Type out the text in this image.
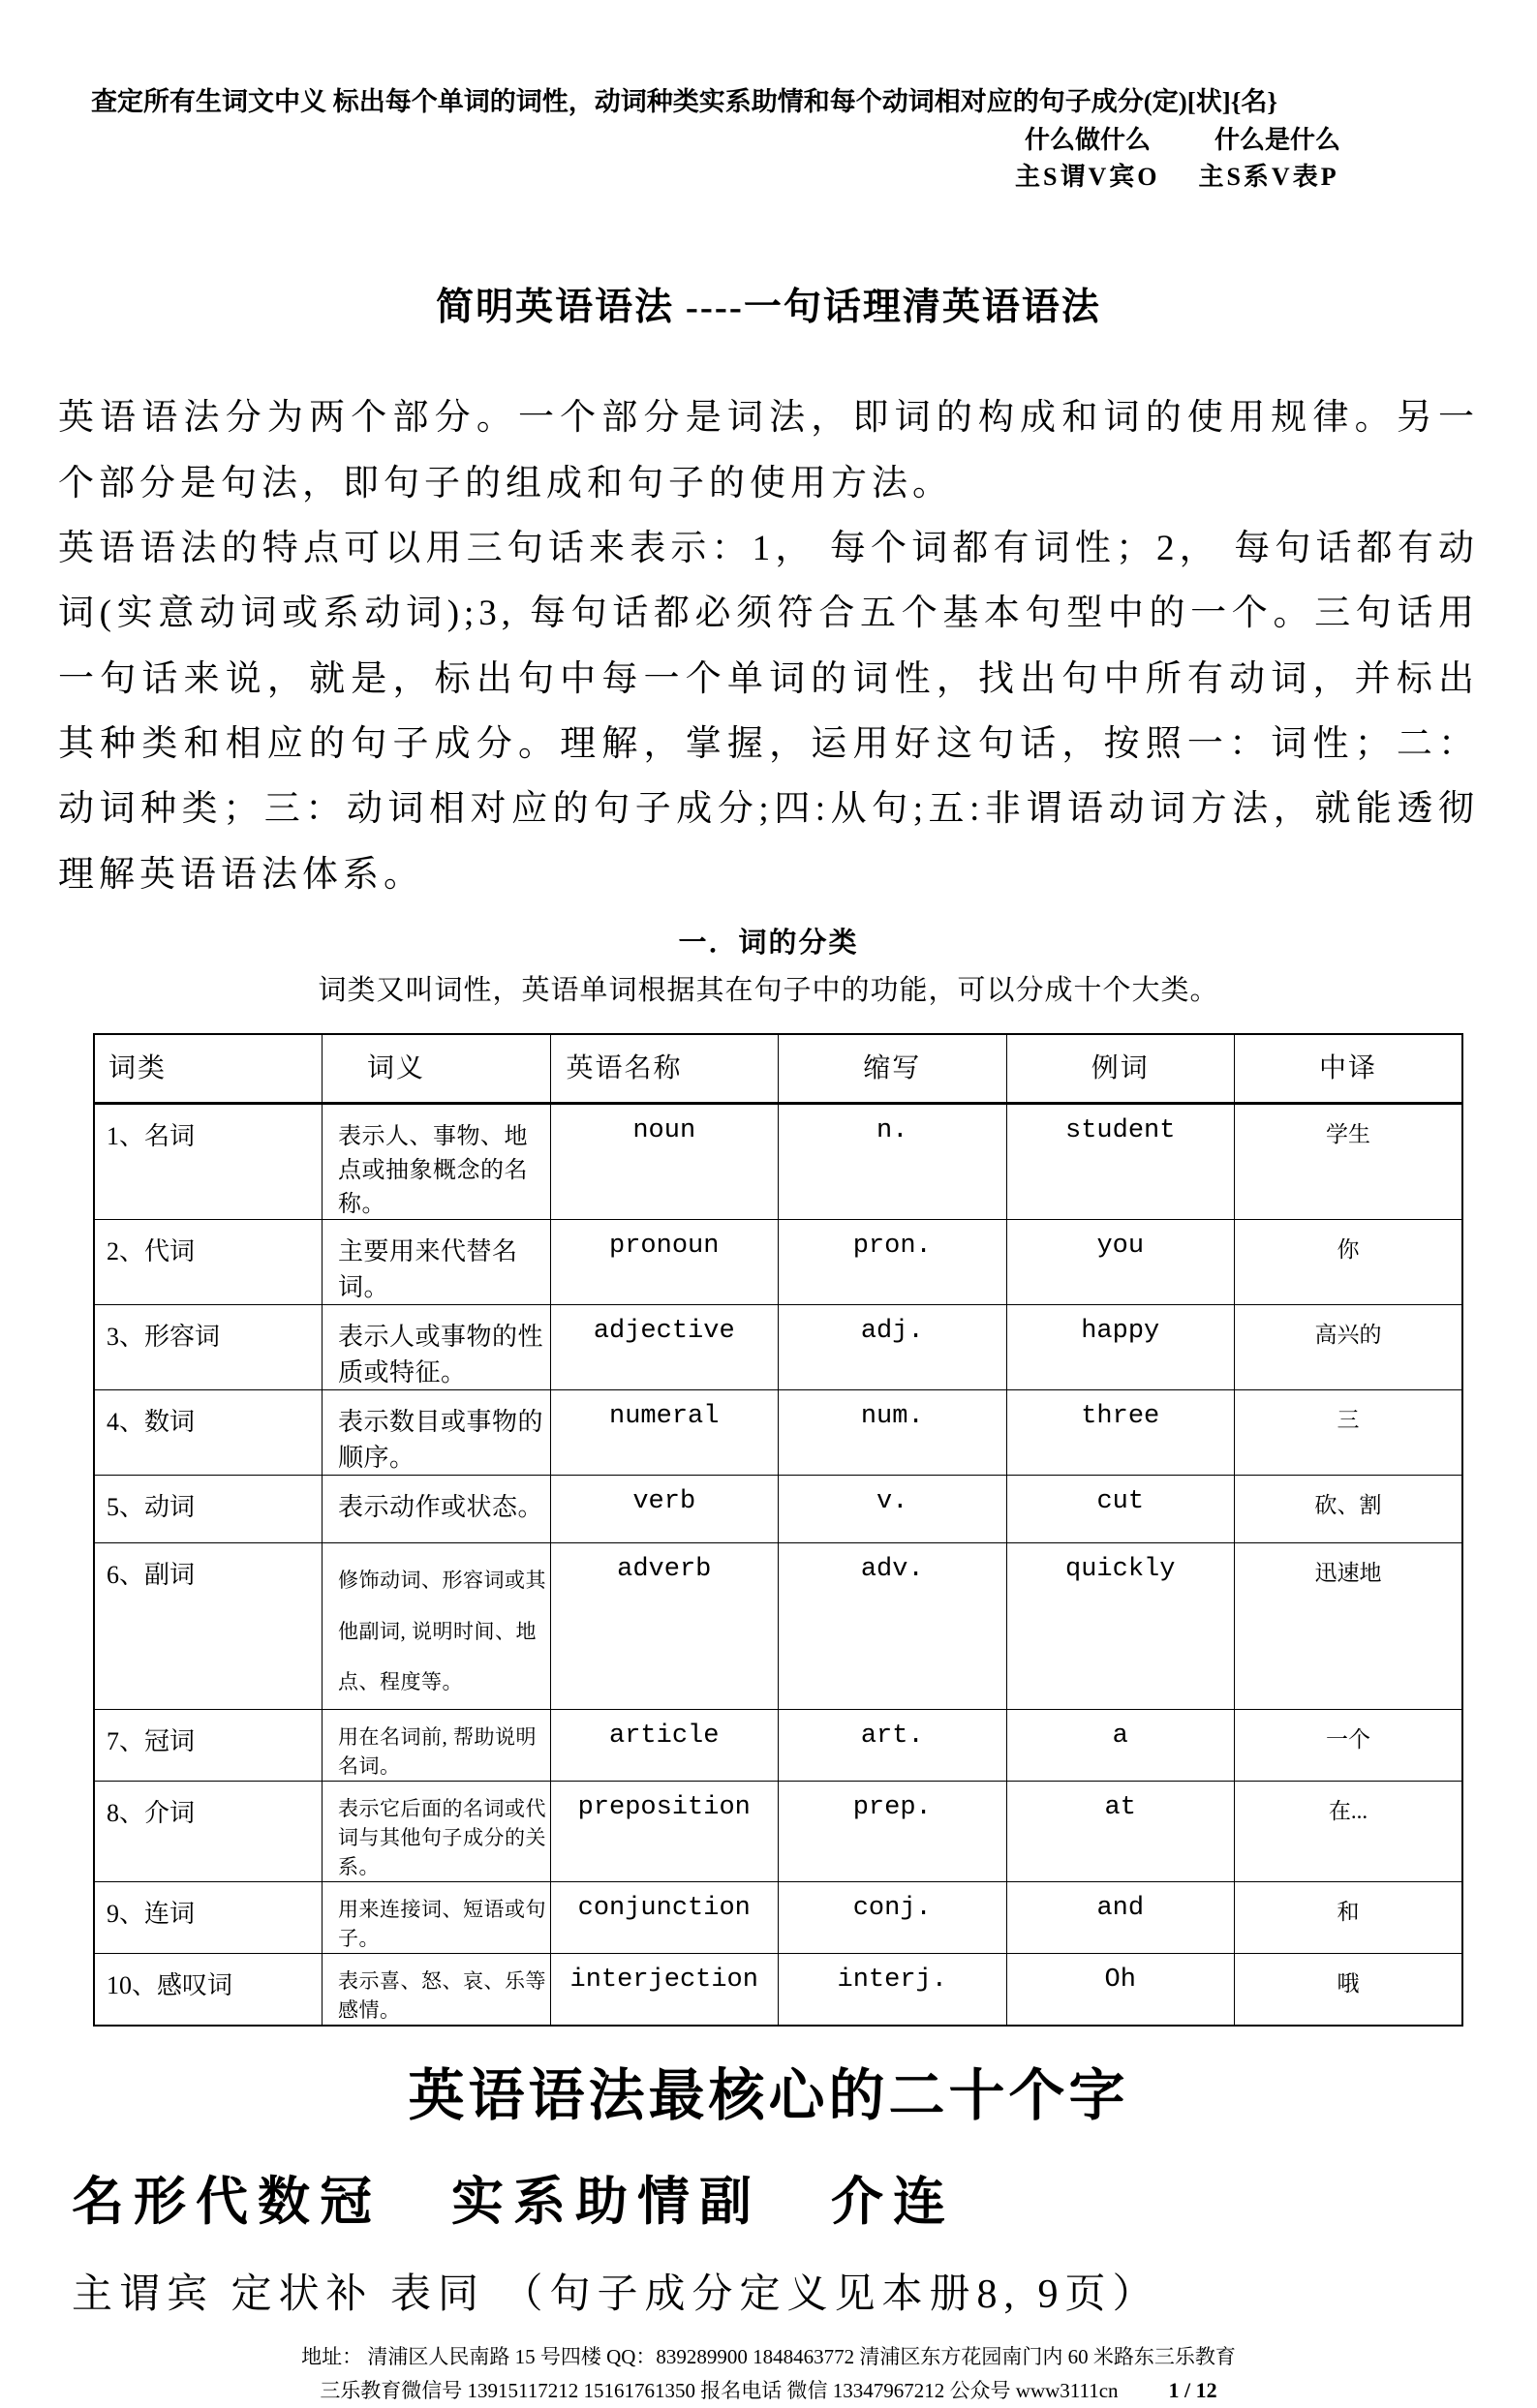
查定所有生词文中义 标出每个单词的词性，动词种类实系助情和每个动词相对应的句子成分(定)[状]{名}
什么做什么	什么是什么
主S谓V宾O 主S系V表P
简明英语语法 ----一句话理清英语语法

英语语法分为两个部分。一个部分是词法，即词的构成和词的使用规律。另一个部分是句法，即句子的组成和句子的使用方法。

英语语法的特点可以用三句话来表示：1， 每个词都有词性；2， 每句话都有动词(实意动词或系动词);3, 每句话都必须符合五个基本句型中的一个。三句话用一句话来说，就是，标出句中每一个单词的词性，找出句中所有动词，并标出其种类和相应的句子成分。理解，掌握，运用好这句话，按照一：词性；二：动词种类；三：动词相对应的句子成分;四:从句;五:非谓语动词方法，就能透彻理解英语语法体系。

一．词的分类
词类又叫词性，英语单词根据其在句子中的功能，可以分成十个大类。
词类	词义	英语名称	缩写	例词	中译
1、名词	表示人、事物、地点或抽象概念的名称。	noun	n.	student	学生
2、代词	主要用来代替名词。	pronoun	pron.	you	你
3、形容词	表示人或事物的性质或特征。	adjective	adj.	happy	高兴的
4、数词	表示数目或事物的顺序。	numeral	num.	three	三
5、动词	表示动作或状态。	verb	v.	cut	砍、割
6、副词	修饰动词、形容词或其他副词, 说明时间、地点、程度等。	adverb	adv.	quickly	迅速地
7、冠词	用在名词前, 帮助说明名词。	article	art.	a	一个
8、介词	表示它后面的名词或代词与其他句子成分的关系。	preposition	prep.	at	在...
9、连词	用来连接词、短语或句子。	conjunction	conj.	and	和
10、感叹词	表示喜、怒、哀、乐等感情。	interjection	interj.	Oh	哦
英语语法最核心的二十个字
名形代数冠 实系助情副 介连
主谓宾 定状补 表同 （句子成分定义见本册8, 9页）
地址： 清浦区人民南路 15 号四楼 QQ：839289900 1848463772 清浦区东方花园南门内 60 米路东三乐教育
三乐教育微信号 13915117212 15161761350 报名电话 微信 13347967212 公众号 www3111cn 1 / 12
